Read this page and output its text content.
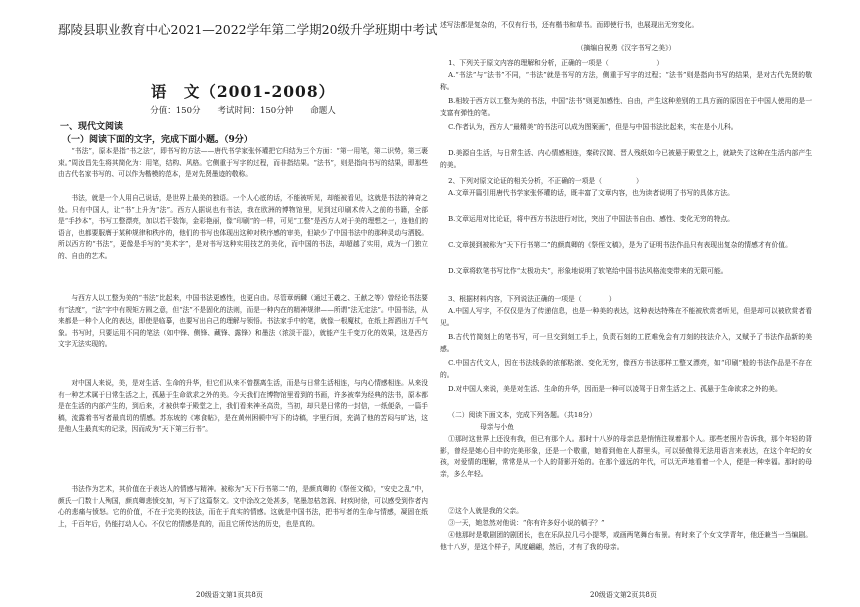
鄢陵县职业教育中心2021—2022学年第二学期20级升学班期中考试
语　文（2001-2008）
分值：150分　　考试时间：150分钟　　命题人
一、现代文阅读
（一）阅读下面的文字，完成下面小题。（9分）
“书法”，原本是指“书之法”，即书写的方法——唐代书学家张怀瓘把它归结为三个方面：“第一用笔，第二识势，第三裹束。”周汝昌先生将其简化为：用笔，结构、风格。它侧重于写字的过程，而非指结果。“法书”，则是指向书写的结果，即那些由古代名家书写的、可以作为楷模的范本，是对先贤墨迹的敬称。
书法，就是一个人用自己说话，是世界上最美的独语。一个人心底的话，不能被听见，却能被看见，这就是书法的神奇之处。只有中国人，让“书”上升为“法”。西方人据说也有书法，我在欧洲的博物馆里，见到过印刷术传入之前的书籍，全部是“手抄本”，书写工整漂亮，加以若干装饰，金彩艳丽，像“印刷”的一样，可见“工整”是西方人对于美的理想之一，连他们的语言，也都要服膺于某种规律和秩序的，他们的书写也体现出这种对秩序感的审美，但缺少了中国书法中的那种灵动与洒脱。所以西方的“书法”，更像是手写的“美术字”，是对书写这种实用技艺的美化，而中国的书法，却超越了实用，成为一门独立的、自由的艺术。
与西方人以工整为美的“书法”比起来，中国书法更感性，也更自由。尽管章炳麟（通过王羲之、王献之等）曾经论书法要有“法度”，“法”字中有规矩方圆之意，但“法”不是固化的法则，而是一种内在的精神规律——所谓“法无定法”。中国书法，从来都是一种个人化的表达，即使是临摹，也要写出自己的理解与领悟。书法家手中的笔，就像一根魔杖，在纸上挥洒出万千气象。书写时，只要运用不同的笔法（如中锋、侧锋、藏锋、露锋）和墨法（浓淡干湿），就能产生千变万化的效果，这是西方文字无法实现的。
对中国人来说，美，是对生活、生命的升华，但它们从来不曾摆离生活，而是与日常生活相连，与内心情感相连。从来没有一种艺术属于日常生活之上，孤悬于生命欲求之外的美。今天我们在博物馆里看到的书画，许多被奉为经典的法书，原本都是在生活的内部产生的，到后来，才被供奉于殿堂之上，我们看来神圣高贵，当初，却只是日常的一封信，一纸便条，一篇手稿，流露着书写者最真切的情感。苏东坡的《寒食帖》，是在黄州困顿中写下的诗稿，字里行间，充满了他的苦闷与旷达，这是他人生最真实的记录，因而成为“天下第三行书”。
书法作为艺术，其价值在于表达人的情感与精神。被称为“天下行书第二”的，是颜真卿的《祭侄文稿》，“安史之乱”中，颜氏一门数十人殉国，颜真卿悲愤交加，写下了这篇祭文。文中涂改之处甚多，笔墨忽枯忽润、时疾时徐，可以感受到作者内心的悲痛与愤怒。它的价值，不在于完美的技法，而在于真实的情感。这就是中国书法，把书写者的生命与情感，凝固在纸上，千百年后，仍能打动人心。不仅它的情感是真的，而且它所传达的历史，也是真的。
20级语文第1页共8页
述写法都是复杂的，不仅有行书，还有楷书和草书。而即使行书，也展现出无穷变化。
（摘编自祝勇《汉字书写之美》）
1、下列关于原文内容的理解和分析，正确的一项是（　　　　　　　）
A.“书法”与“法书”不同，“书法”就是书写的方法，侧重于写字的过程；“法书”则是指向书写的结果，是对古代先贤的敬称。
B.相较于西方以工整为美的书法，中国“法书”则更加感性、自由，产生这种差别的工具方面的原因在于中国人使用的是一支富有弹性的笔。
C.作者认为，西方人“最精美”的书法可以成为图案画”，但是与中国书法比起来，实在是小儿科。
D.美源自生活，与日常生活、内心情感相连，秦砖汉简、晋人残纸如今已被悬于殿堂之上，就缺失了这种在生活内部产生的美。
2、下列对原文论证的相关分析，不正确的一项是（　　　　　）
A.文章开篇引用唐代书学家张怀瓘的话，既丰富了文章内容，也为读者说明了书写的具体方法。
B.文章运用对比论证，将中西方书法进行对比，突出了中国法书自由、感性、变化无穷的特点。
C.文章援到被称为“天下行书第二”的颜真卿的《祭侄文稿》，是为了证明书法作品只有表现出复杂的情感才有价值。
D.文章将软笔书写比作“太极功夫”，形象地说明了软笔给中国书法风格流变带来的无限可能。
3、根据材料内容，下列说法正确的一项是（　　　　）
A.中国人写字，不仅仅是为了传递信息，也是一种美的表达，这种表达特殊在不能被欣赏者听见，但是却可以被欣赏者看见。
B.古代竹简刻上的笔书写，可一旦交到刻工手上，负责石刻的工匠难免会有刀刻的技法介入，又赋予了书法作品新的美感。
C.中国古代文人，因在书法线条的浓郁粘滚、变化无穷，像西方书法那样工整又漂亮，如“印刷”般的书法作品是不存在的。
D.对中国人来说，美是对生活、生命的升华，因而是一种可以凌驾于日常生活之上、孤悬于生命欲求之外的美。
（二）阅读下面文本，完成下列各题。（共18分）
母亲与小鱼
①那时这世界上还没有我，但已有那个人。那时十八岁的母亲总是悄悄注视着那个人。那些老照片告诉我，那个年轻的背影，曾经是她心目中的完美形象，还是一个敬重，她看到他在人群里头，可以骄傲得无法用语言来表达，在这个年纪的女孩，对爱情的理解，常常是从一个人的背影开始的。在那个遥远的年代，可以无声地看着一个人，便是一种幸福。那时的母亲，多么年轻。
②这个人就是我的父亲。
③一天，她忽然对他说：“你有许多好小说的稿子？”
④他那时是歌剧团的剧团长，也在乐队拉几弓小提琴，或画两笔舞台布景。有时来了个女文学青年，他还兼当一当编剧。他十八岁，是这个样子，风度翩翩，然后，才有了我的母亲。
20级语文第2页共8页
